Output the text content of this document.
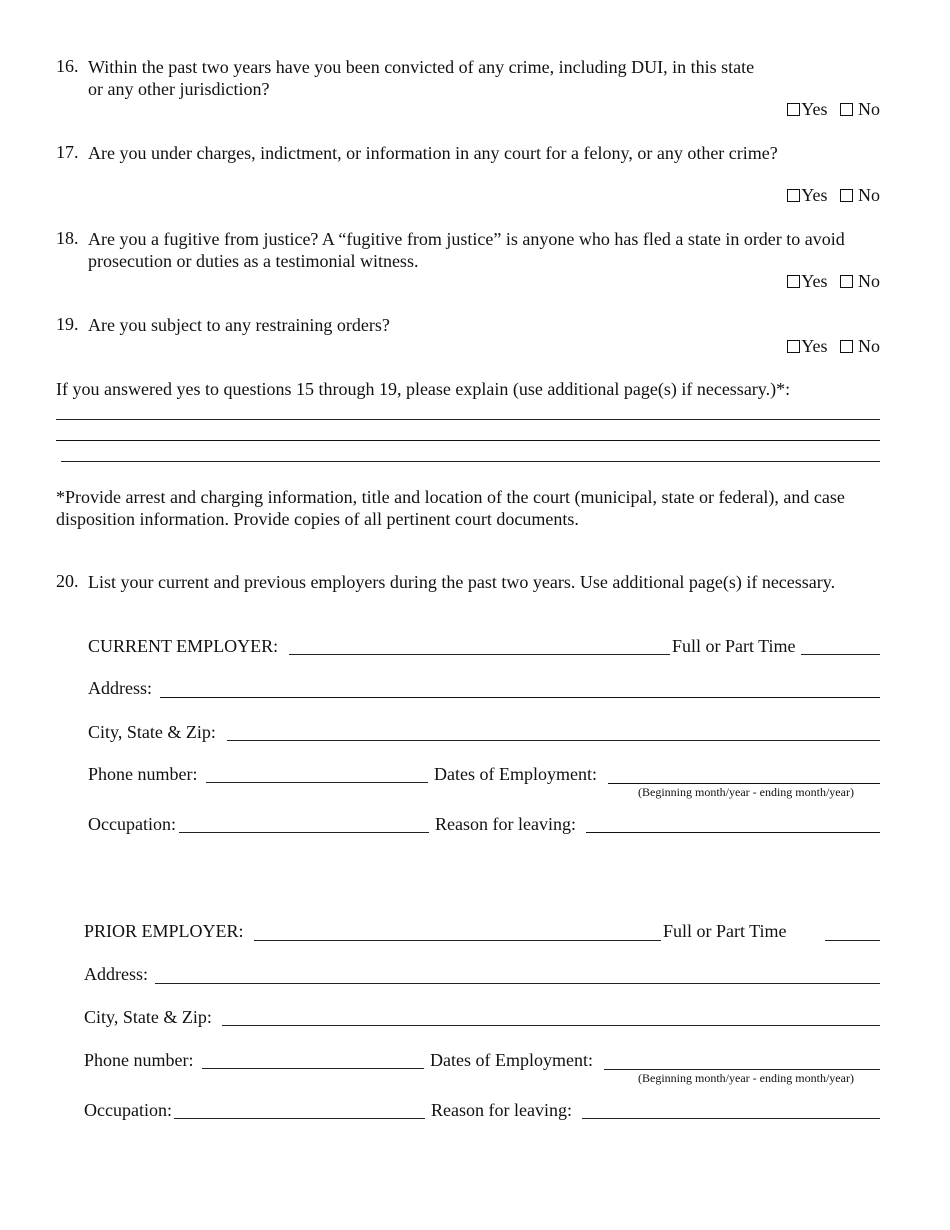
16. Within the past two years have you been convicted of any crime, including DUI, in this state
or any other jurisdiction?
Yes No
17. Are you under charges, indictment, or information in any court for a felony, or any other crime?
Yes No
18. Are you a fugitive from justice? A “fugitive from justice” is anyone who has fled a state in order to avoid
prosecution or duties as a testimonial witness.
Yes No
19. Are you subject to any restraining orders?
Yes No
If you answered yes to questions 15 through 19, please explain (use additional page(s) if necessary.)*:
*Provide arrest and charging information, title and location of the court (municipal, state or federal), and case
disposition information. Provide copies of all pertinent court documents.
20. List your current and previous employers during the past two years. Use additional page(s) if necessary.
CURRENT EMPLOYER:	Full or Part Time
Address:
City, State & Zip:
Phone number:	Dates of Employment:
(Beginning month/year - ending month/year)
Occupation:	Reason for leaving:
PRIOR EMPLOYER:	Full or Part Time
Address:
City, State & Zip:
Phone number:	Dates of Employment:
(Beginning month/year - ending month/year)
Occupation:	Reason for leaving:
